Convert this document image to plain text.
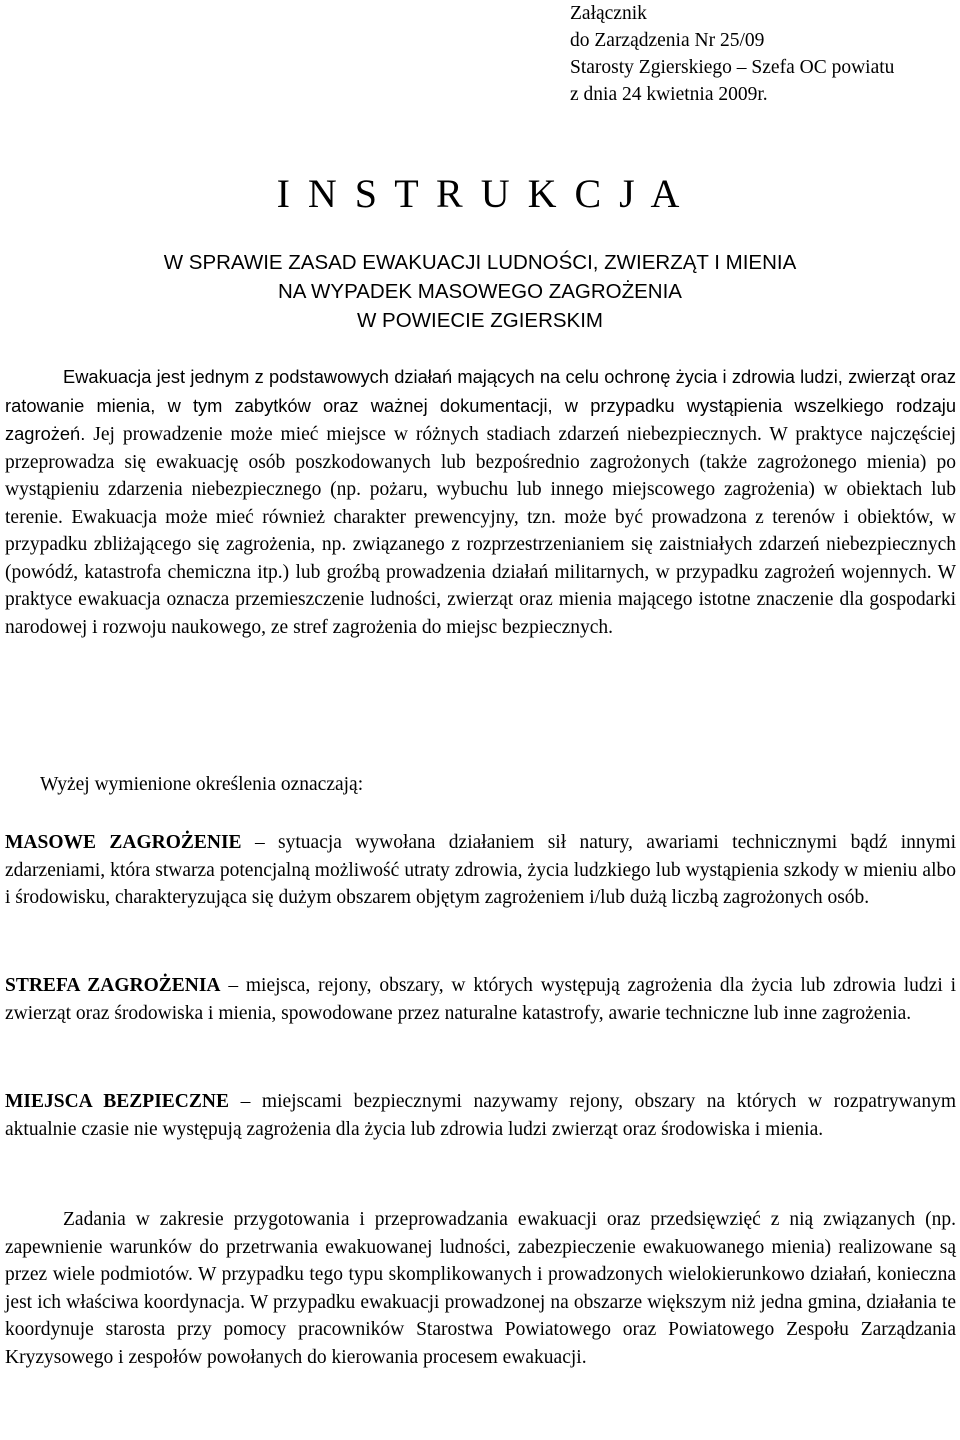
Załącznik
do Zarządzenia Nr 25/09
Starosty Zgierskiego – Szefa OC powiatu
z dnia 24 kwietnia 2009r.
I N S T R U K C J A
W SPRAWIE ZASAD EWAKUACJI LUDNOŚCI, ZWIERZĄT I MIENIA
NA WYPADEK MASOWEGO ZAGROŻENIA
W POWIECIE ZGIERSKIM
Ewakuacja jest jednym z podstawowych działań mających na celu ochronę życia i zdrowia ludzi, zwierząt oraz ratowanie mienia, w tym zabytków oraz ważnej dokumentacji, w przypadku wystąpienia wszelkiego rodzaju zagrożeń. Jej prowadzenie może mieć miejsce w różnych stadiach zdarzeń niebezpiecznych. W praktyce najczęściej przeprowadza się ewakuację osób poszkodowanych lub bezpośrednio zagrożonych (także zagrożonego mienia) po wystąpieniu zdarzenia niebezpiecznego (np. pożaru, wybuchu lub innego miejscowego zagrożenia) w obiektach lub terenie. Ewakuacja może mieć również charakter prewencyjny, tzn. może być prowadzona z terenów i obiektów, w przypadku zbliżającego się zagrożenia, np. związanego z rozprzestrzenianiem się zaistniałych zdarzeń niebezpiecznych (powódź, katastrofa chemiczna itp.) lub groźbą prowadzenia działań militarnych, w przypadku zagrożeń wojennych. W praktyce ewakuacja oznacza przemieszczenie ludności, zwierząt oraz mienia mającego istotne znaczenie dla gospodarki narodowej i rozwoju naukowego, ze stref zagrożenia do miejsc bezpiecznych.
Wyżej wymienione określenia oznaczają:
MASOWE ZAGROŻENIE – sytuacja wywołana działaniem sił natury, awariami technicznymi bądź innymi zdarzeniami, która stwarza potencjalną możliwość utraty zdrowia, życia ludzkiego lub wystąpienia szkody w mieniu albo i środowisku, charakteryzująca się dużym obszarem objętym zagrożeniem i/lub dużą liczbą zagrożonych osób.
STREFA ZAGROŻENIA – miejsca, rejony, obszary, w których występują zagrożenia dla życia lub zdrowia ludzi i zwierząt oraz środowiska i mienia, spowodowane przez naturalne katastrofy, awarie techniczne lub inne zagrożenia.
MIEJSCA BEZPIECZNE – miejscami bezpiecznymi nazywamy rejony, obszary na których w rozpatrywanym aktualnie czasie nie występują zagrożenia dla życia lub zdrowia ludzi zwierząt oraz środowiska i mienia.
Zadania w zakresie przygotowania i przeprowadzania ewakuacji oraz przedsięwzięć z nią związanych (np. zapewnienie warunków do przetrwania ewakuowanej ludności, zabezpieczenie ewakuowanego mienia) realizowane są przez wiele podmiotów. W przypadku tego typu skomplikowanych i prowadzonych wielokierunkowo działań, konieczna jest ich właściwa koordynacja. W przypadku ewakuacji prowadzonej na obszarze większym niż jedna gmina, działania te koordynuje starosta przy pomocy pracowników Starostwa Powiatowego oraz Powiatowego Zespołu Zarządzania Kryzysowego i zespołów powołanych do kierowania procesem ewakuacji.
